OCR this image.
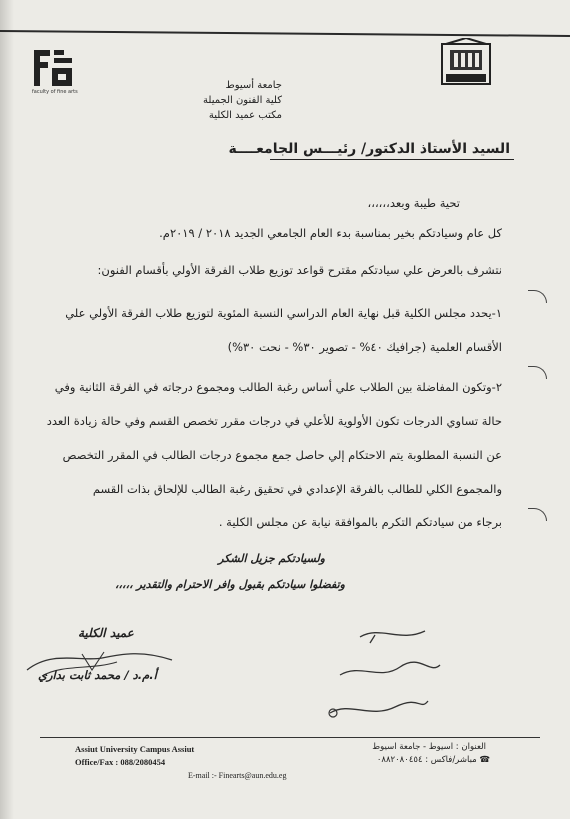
faculty of fine arts
جامعة أسيوط
كلية الفنون الجميلة
مكتب عميد الكلية
السيد الأستاذ الدكتور/ رئيـــس الجامعــــة
تحية طيبة وبعد،،،،،،
كل عام وسيادتكم بخير بمناسبة بدء العام الجامعي الجديد ٢٠١٨ / ٢٠١٩م.
نتشرف بالعرض علي سيادتكم مقترح قواعد توزيع طلاب الفرقة الأولي بأقسام الفنون:
١-يحدد مجلس الكلية قبل نهاية العام الدراسي النسبة المئوية لتوزيع طلاب الفرقة الأولي علي الأقسام العلمية (جرافيك ٤٠% - تصوير ٣٠% - نحت ٣٠%)
٢-وتكون المفاضلة بين الطلاب علي أساس رغبة الطالب ومجموع درجاته في الفرقة الثانية وفي حالة تساوي الدرجات تكون الأولوية للأعلي في درجات مقرر تخصص القسم وفي حالة زيادة العدد عن النسبة المطلوبة يتم الاحتكام إلي حاصل جمع مجموع درجات الطالب في المقرر التخصص والمجموع الكلي للطالب بالفرقة الإعدادي في تحقيق رغبة الطالب للإلحاق بذات القسم
برجاء من سيادتكم التكرم بالموافقة نيابة عن مجلس الكلية .
ولسيادتكم جزيل الشكر
وتفضلوا سيادتكم بقبول وافر الاحترام والتقدير ،،،،،
عميد الكلية
أ.م.د / محمد ثابت بداري
Assiut University Campus Assiut
Office/Fax : 088/2080454
E-mail :- Finearts@aun.edu.eg
العنوان : اسيوط - جامعة اسيوط
☎ مباشر/فاكس : ٠٨٨٢٠٨٠٤٥٤
